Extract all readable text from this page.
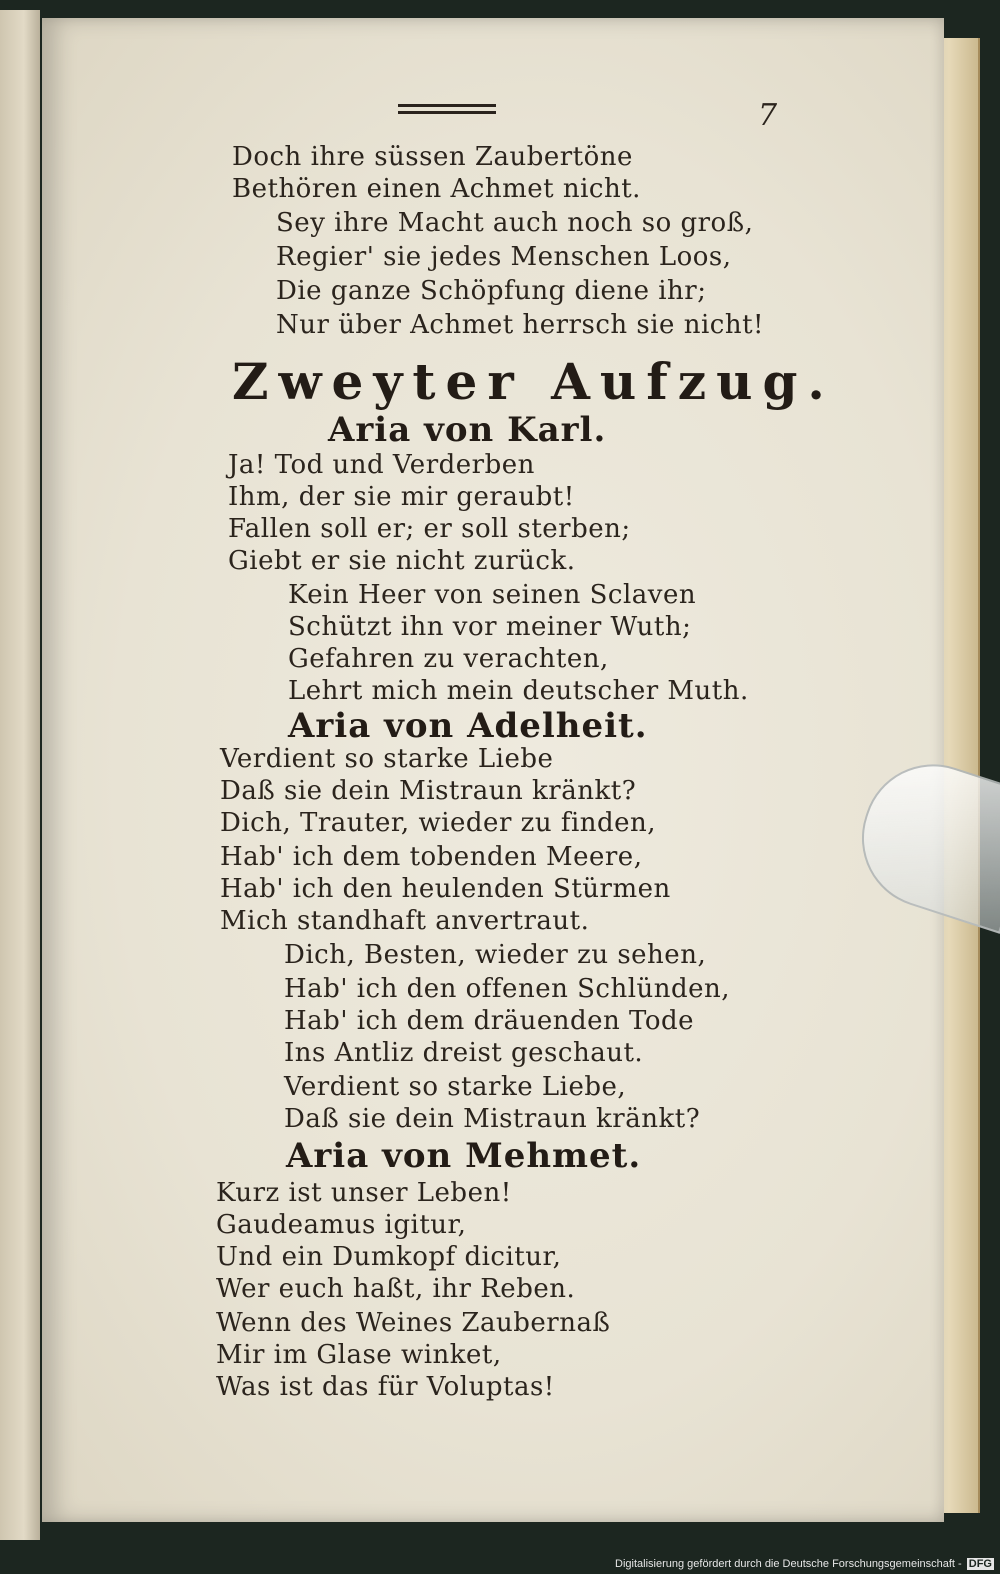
7
Doch ihre süssen Zaubertöne
Bethören einen Achmet nicht.
Sey ihre Macht auch noch so groß,
Regier' sie jedes Menschen Loos,
Die ganze Schöpfung diene ihr;
Nur über Achmet herrsch sie nicht!
Zweyter Aufzug.
Aria von Karl.
Ja! Tod und Verderben
Ihm, der sie mir geraubt!
Fallen soll er; er soll sterben;
Giebt er sie nicht zurück.
Kein Heer von seinen Sclaven
Schützt ihn vor meiner Wuth;
Gefahren zu verachten,
Lehrt mich mein deutscher Muth.
Aria von Adelheit.
Verdient so starke Liebe
Daß sie dein Mistraun kränkt?
Dich, Trauter, wieder zu finden,
Hab' ich dem tobenden Meere,
Hab' ich den heulenden Stürmen
Mich standhaft anvertraut.
Dich, Besten, wieder zu sehen,
Hab' ich den offenen Schlünden,
Hab' ich dem dräuenden Tode
Ins Antliz dreist geschaut.
Verdient so starke Liebe,
Daß sie dein Mistraun kränkt?
Aria von Mehmet.
Kurz ist unser Leben!
Gaudeamus igitur,
Und ein Dumkopf dicitur,
Wer euch haßt, ihr Reben.
Wenn des Weines Zaubernaß
Mir im Glase winket,
Was ist das für Voluptas!
Digitalisierung gefördert durch die Deutsche Forschungsgemeinschaft - DFG
